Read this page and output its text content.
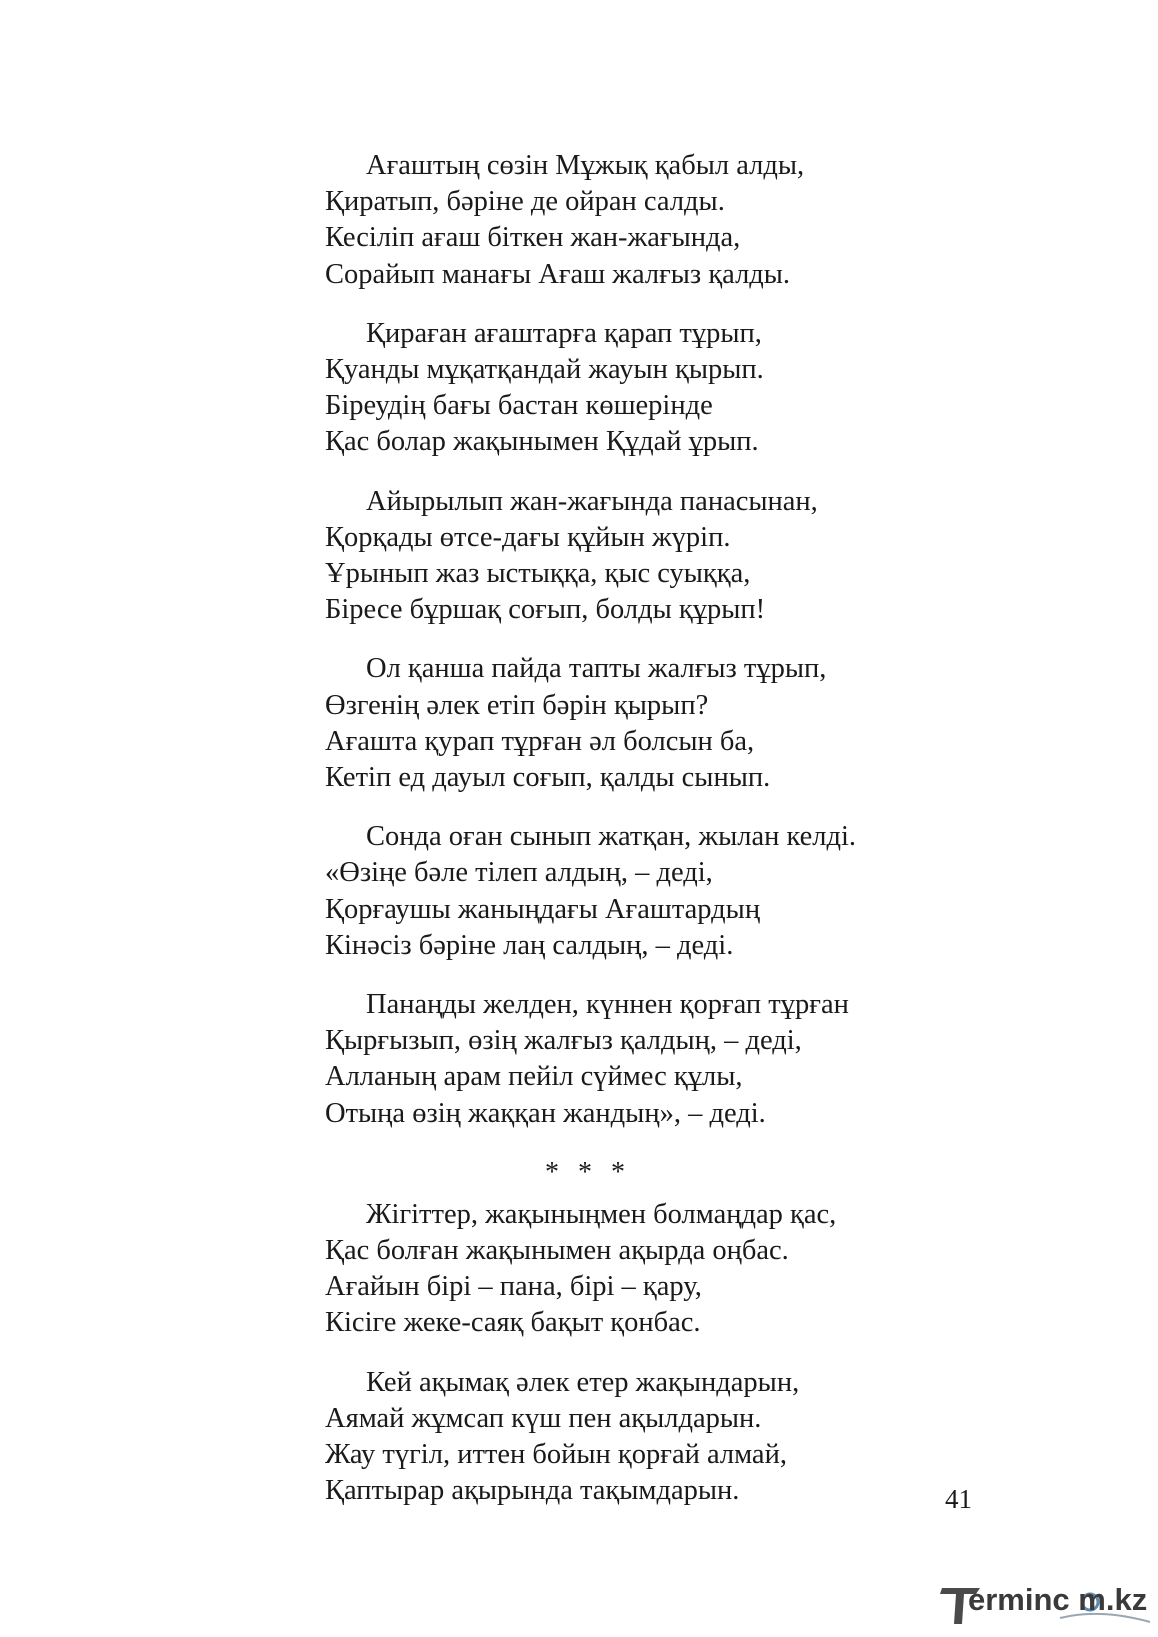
Ағаштың сөзін Мұжық қабыл алды,
Қиратып, бәріне де ойран салды.
Кесіліп ағаш біткен жан-жағында,
Сорайып манағы Ағаш жалғыз қалды.
Қираған ағаштарға қарап тұрып,
Қуанды мұқатқандай жауын қырып.
Біреудің бағы бастан көшерінде
Қас болар жақынымен Құдай ұрып.
Айырылып жан-жағында панасынан,
Қорқады өтсе-дағы құйын жүріп.
Ұрынып жаз ыстыққа, қыс суыққа,
Біресе бұршақ соғып, болды құрып!
Ол қанша пайда тапты жалғыз тұрып,
Өзгенің әлек етіп бәрін қырып?
Ағашта қурап тұрған әл болсын ба,
Кетіп ед дауыл соғып, қалды сынып.
Сонда оған сынып жатқан, жылан келді.
«Өзіңе бәле тілеп алдың, – деді,
Қорғаушы жаныңдағы Ағаштардың
Кінәсіз бәріне лаң салдың, – деді.
Панаңды желден, күннен қорғап тұрған
Қырғызып, өзің жалғыз қалдың, – деді,
Алланың арам пейіл сүймес құлы,
Отыңа өзің жаққан жандың», – деді.
* * *
Жігіттер, жақыныңмен болмаңдар қас,
Қас болған жақынымен ақырда оңбас.
Ағайын бірі – пана, бірі – қару,
Кісіге жеке-саяқ бақыт қонбас.
Кей ақымақ әлек етер жақындарын,
Аямай жұмсап күш пен ақылдарын.
Жау түгіл, иттен бойын қорғай алмай,
Қаптырар ақырында тақымдарын.	41
erminc m.kz
